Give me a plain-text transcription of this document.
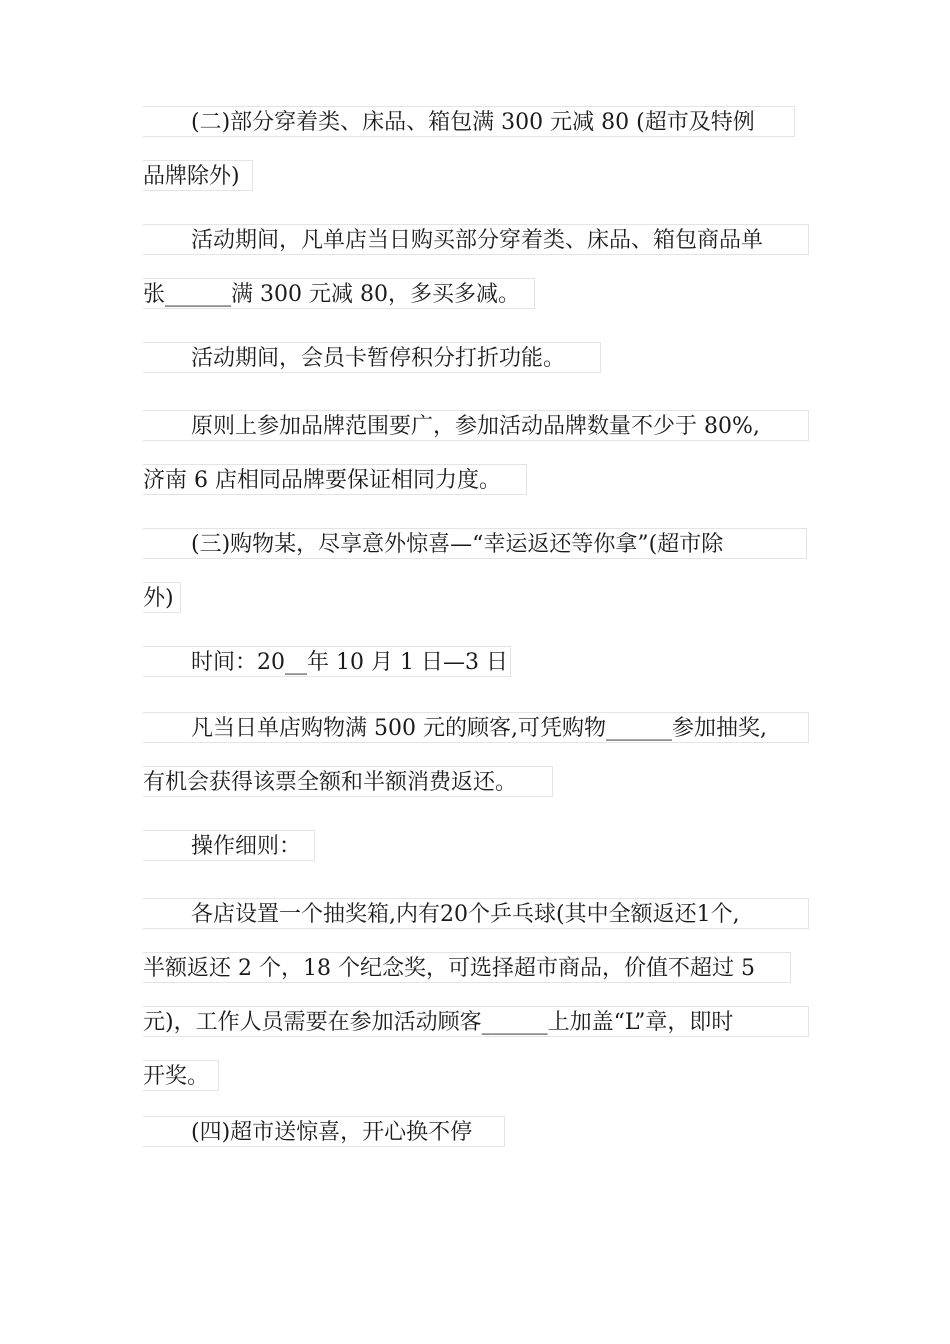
(二)部分穿着类、床品、箱包满 300 元减 80 (超市及特例
品牌除外)
活动期间，凡单店当日购买部分穿着类、床品、箱包商品单
张______满 300 元减 80，多买多减。
活动期间，会员卡暂停积分打折功能。
原则上参加品牌范围要广，参加活动品牌数量不少于 80%,
济南 6 店相同品牌要保证相同力度。
(三)购物某，尽享意外惊喜—“幸运返还等你拿”(超市除
外)
时间：20__年 10 月 1 日—3 日
凡当日单店购物满 500 元的顾客,可凭购物______参加抽奖,
有机会获得该票全额和半额消费返还。
操作细则：
各店设置一个抽奖箱,内有20个乒乓球(其中全额返还1个,
半额返还 2 个，18 个纪念奖，可选择超市商品，价值不超过 5
元)，工作人员需要在参加活动顾客______上加盖“L”章，即时
开奖。
(四)超市送惊喜，开心换不停
